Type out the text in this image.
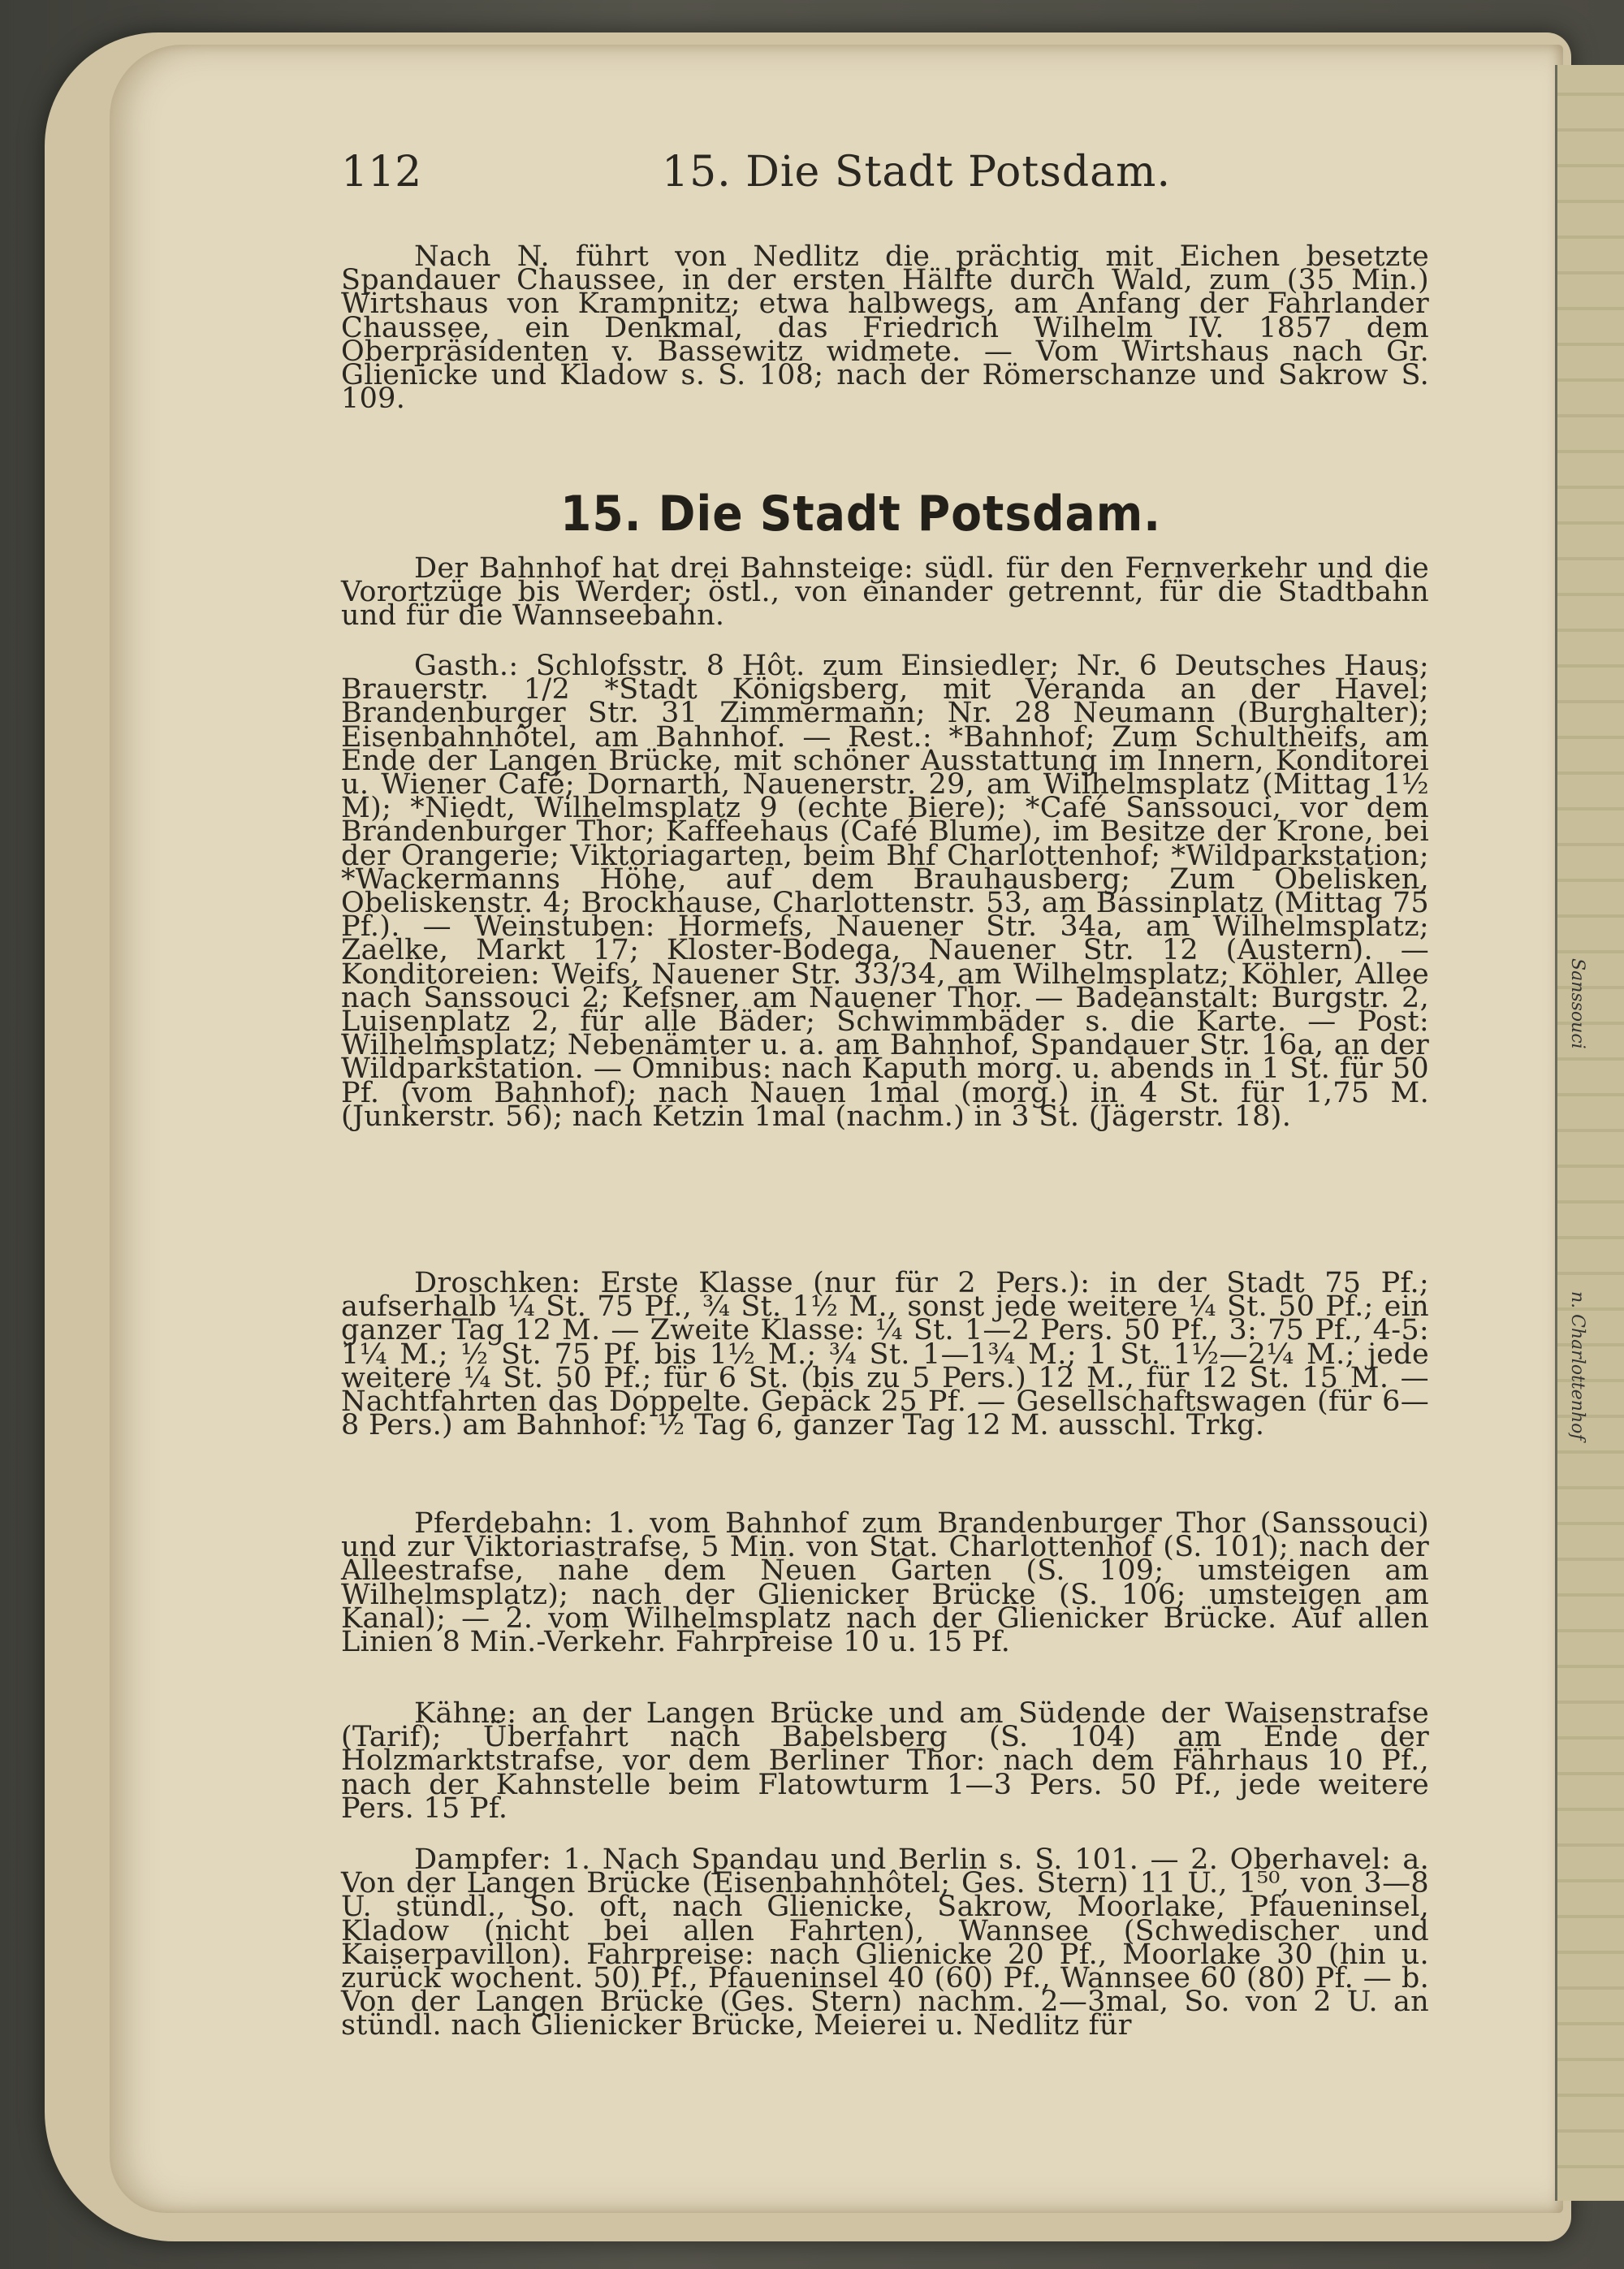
Sanssouci
n. Charlottenhof
112	15. Die Stadt Potsdam.

Nach N. führt von Nedlitz die prächtig mit Eichen besetzte Spandauer Chaussee, in der ersten Hälfte durch Wald, zum (35 Min.) Wirtshaus von Krampnitz; etwa halbwegs, am Anfang der Fahrlander Chaussee, ein Denkmal, das Friedrich Wilhelm IV. 1857 dem Oberpräsidenten v. Bassewitz widmete. — Vom Wirtshaus nach Gr. Glienicke und Kladow s. S. 108; nach der Römerschanze und Sakrow S. 109.

15. Die Stadt Potsdam.

Der Bahnhof hat drei Bahnsteige: südl. für den Fernverkehr und die Vorortzüge bis Werder; östl., von einander getrennt, für die Stadtbahn und für die Wannseebahn.

Gasth.: Schlofsstr. 8 Hôt. zum Einsiedler; Nr. 6 Deutsches Haus; Brauerstr. 1/2 *Stadt Königsberg, mit Veranda an der Havel; Brandenburger Str. 31 Zimmermann; Nr. 28 Neumann (Burghalter); Eisenbahnhôtel, am Bahnhof. — Rest.: *Bahnhof; Zum Schultheifs, am Ende der Langen Brücke, mit schöner Ausstattung im Innern, Konditorei u. Wiener Café; Dornarth, Nauenerstr. 29, am Wilhelmsplatz (Mittag 1½ M); *Niedt, Wilhelmsplatz 9 (echte Biere); *Café Sanssouci, vor dem Brandenburger Thor; Kaffeehaus (Café Blume), im Besitze der Krone, bei der Orangerie; Viktoriagarten, beim Bhf Charlottenhof; *Wildparkstation; *Wackermanns Höhe, auf dem Brauhausberg; Zum Obelisken, Obeliskenstr. 4; Brockhause, Charlottenstr. 53, am Bassinplatz (Mittag 75 Pf.). — Weinstuben: Hormefs, Nauener Str. 34a, am Wilhelmsplatz; Zaelke, Markt 17; Kloster-Bodega, Nauener Str. 12 (Austern). — Konditoreien: Weifs, Nauener Str. 33/34, am Wilhelmsplatz; Köhler, Allee nach Sanssouci 2; Kefsner, am Nauener Thor. — Badeanstalt: Burgstr. 2, Luisenplatz 2, für alle Bäder; Schwimmbäder s. die Karte. — Post: Wilhelmsplatz; Nebenämter u. a. am Bahnhof, Spandauer Str. 16a, an der Wildparkstation. — Omnibus: nach Kaputh morg. u. abends in 1 St. für 50 Pf. (vom Bahnhof); nach Nauen 1mal (morg.) in 4 St. für 1,75 M. (Junkerstr. 56); nach Ketzin 1mal (nachm.) in 3 St. (Jägerstr. 18).

Droschken: Erste Klasse (nur für 2 Pers.): in der Stadt 75 Pf.; aufserhalb ¼ St. 75 Pf., ¾ St. 1½ M., sonst jede weitere ¼ St. 50 Pf.; ein ganzer Tag 12 M. — Zweite Klasse: ¼ St. 1—2 Pers. 50 Pf., 3: 75 Pf., 4-5: 1¼ M.; ½ St. 75 Pf. bis 1½ M.; ¾ St. 1—1¾ M.; 1 St. 1½—2¼ M.; jede weitere ¼ St. 50 Pf.; für 6 St. (bis zu 5 Pers.) 12 M., für 12 St. 15 M. — Nachtfahrten das Doppelte. Gepäck 25 Pf. — Gesellschaftswagen (für 6—8 Pers.) am Bahnhof: ½ Tag 6, ganzer Tag 12 M. ausschl. Trkg.

Pferdebahn: 1. vom Bahnhof zum Brandenburger Thor (Sanssouci) und zur Viktoriastrafse, 5 Min. von Stat. Charlottenhof (S. 101); nach der Alleestrafse, nahe dem Neuen Garten (S. 109; umsteigen am Wilhelmsplatz); nach der Glienicker Brücke (S. 106; umsteigen am Kanal); — 2. vom Wilhelmsplatz nach der Glienicker Brücke. Auf allen Linien 8 Min.-Verkehr. Fahrpreise 10 u. 15 Pf.

Kähne: an der Langen Brücke und am Südende der Waisenstrafse (Tarif); Überfahrt nach Babelsberg (S. 104) am Ende der Holzmarktstrafse, vor dem Berliner Thor: nach dem Fährhaus 10 Pf., nach der Kahnstelle beim Flatowturm 1—3 Pers. 50 Pf., jede weitere Pers. 15 Pf.

Dampfer: 1. Nach Spandau und Berlin s. S. 101. — 2. Oberhavel: a. Von der Langen Brücke (Eisenbahnhôtel; Ges. Stern) 11 U., 1⁵⁰, von 3—8 U. stündl., So. oft, nach Glienicke, Sakrow, Moorlake, Pfaueninsel, Kladow (nicht bei allen Fahrten), Wannsee (Schwedischer und Kaiserpavillon). Fahrpreise: nach Glienicke 20 Pf., Moorlake 30 (hin u. zurück wochent. 50) Pf., Pfaueninsel 40 (60) Pf., Wannsee 60 (80) Pf. — b. Von der Langen Brücke (Ges. Stern) nachm. 2—3mal, So. von 2 U. an stündl. nach Glienicker Brücke, Meierei u. Nedlitz für
